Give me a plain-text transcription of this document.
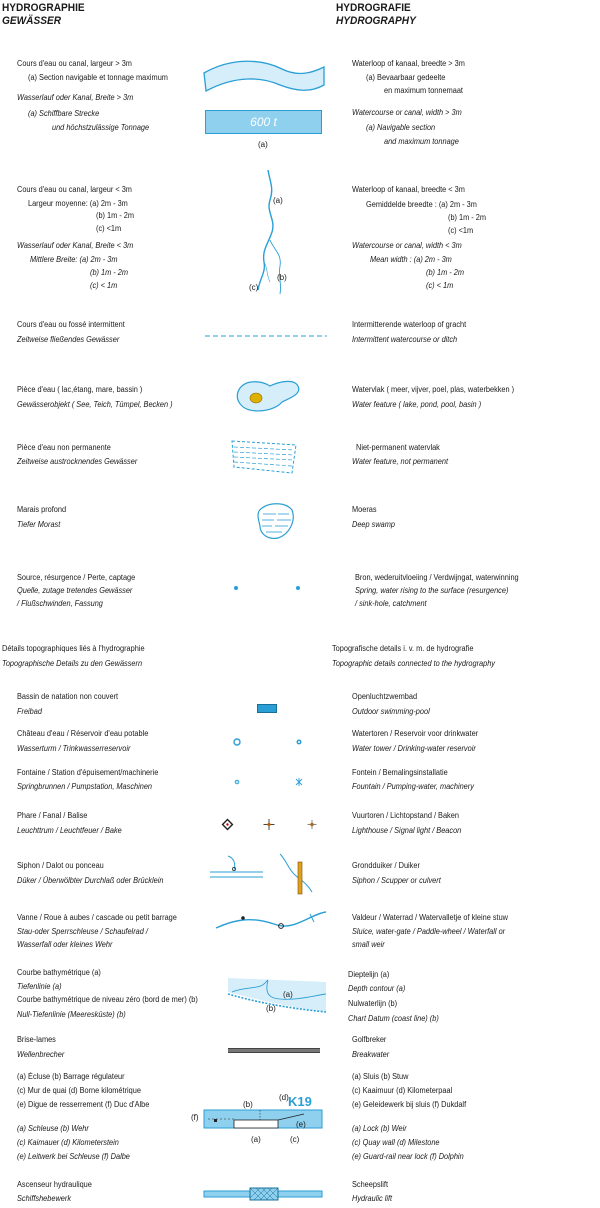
HYDROGRAPHIE
GEWÄSSER
HYDROGRAFIE
HYDROGRAPHY
Cours d'eau ou canal, largeur > 3m
(a) Section navigable et tonnage maximum
Wasserlauf oder Kanal, Breite > 3m
(a) Schiffbare Strecke
und höchstzulässige Tonnage
Waterloop of kanaal, breedte > 3m
(a) Bevaarbaar gedeelte
en maximum tonnemaat
Watercourse or canal, width > 3m
(a) Navigable section
and maximum tonnage
600 t
(a)
Cours d'eau ou canal, largeur < 3m
Largeur moyenne: (a) 2m - 3m
(b) 1m - 2m
(c) <1m
Wasserlauf oder Kanal, Breite < 3m
Mittlere Breite: (a) 2m - 3m
(b) 1m - 2m
(c) < 1m
Waterloop of kanaal, breedte < 3m
Gemiddelde breedte : (a) 2m - 3m
(b) 1m - 2m
(c) <1m
Watercourse or canal, width < 3m
Mean width : (a) 2m - 3m
(b) 1m - 2m
(c) < 1m
(a)
(b)
(c)
Cours d'eau ou fossé intermittent
Zeitweise fließendes Gewässer
Intermitterende waterloop of gracht
Intermittent watercourse or ditch
Pièce d'eau ( lac,étang, mare, bassin )
Gewässerobjekt ( See, Teich, Tümpel, Becken )
Watervlak ( meer, vijver, poel, plas, waterbekken )
Water feature ( lake, pond, pool, basin )
Pièce d'eau non permanente
Zeitweise austrocknendes Gewässer
Niet-permanent watervlak
Water feature, not permanent
Marais profond
Tiefer Morast
Moeras
Deep swamp
Source, résurgence / Perte, captage
Quelle, zutage tretendes Gewässer
/ Flußschwinden, Fassung
Bron, wederuitvloeiing / Verdwijngat, waterwinning
Spring, water rising to the surface (resurgence)
/ sink-hole, catchment
Détails topographiques liés à l'hydrographie
Topographische Details zu den Gewässern
Topografische details i. v. m. de hydrografie
Topographic details connected to the hydrography
Bassin de natation non couvert
Freibad
Openluchtzwembad
Outdoor swimming-pool
Château d'eau / Réservoir d'eau potable
Wasserturm / Trinkwasserreservoir
Watertoren / Reservoir voor drinkwater
Water tower / Drinking-water reservoir
Fontaine / Station d'épuisement/machinerie
Springbrunnen / Pumpstation, Maschinen
Fontein / Bemalingsinstallatie
Fountain / Pumping-water, machinery
Phare / Fanal / Balise
Leuchttrum / Leuchtfeuer / Bake
Vuurtoren / Lichtopstand / Baken
Lighthouse / Signal light / Beacon
Siphon / Dalot ou ponceau
Düker / Überwölbter Durchlaß oder Brücklein
Grondduiker / Duiker
Siphon / Scupper or culvert
Vanne / Roue à aubes / cascade ou petit barrage
Stau-oder Sperrschleuse / Schaufelrad /
Wasserfall oder kleines Wehr
Valdeur / Waterrad / Watervalletje of kleine stuw
Sluice, water-gate / Paddle-wheel / Waterfall or
small weir
Courbe bathymétrique (a)
Tiefenlinie (a)
Courbe bathymétrique de niveau zéro (bord de mer) (b)
Null-Tiefenlinie (Meeresküste) (b)
Dieptelijn (a)
Depth contour (a)
Nulwaterlijn (b)
Chart Datum (coast line) (b)
(a)
(b)
Brise-lames
Wellenbrecher
Golfbreker
Breakwater
(a) Écluse (b) Barrage régulateur
(c) Mur de quai (d) Borne kilométrique
(e) Digue de resserrement (f) Duc d'Albe
(a) Schleuse (b) Wehr
(c) Kaimauer (d) Kilometerstein
(e) Leitwerk bei Schleuse (f) Dalbe
(a) Sluis (b) Stuw
(c) Kaaimuur (d) Kilometerpaal
(e) Geleidewerk bij sluis (f) Dukdalf
(a) Lock (b) Weir
(c) Quay wall (d) Milestone
(e) Guard-rail near lock (f) Dolphin
K19
(d)
(b)
(e)
(f)
(a)	(c)
Ascenseur hydraulique
Schiffshebewerk
Scheepslift
Hydraulic lift
